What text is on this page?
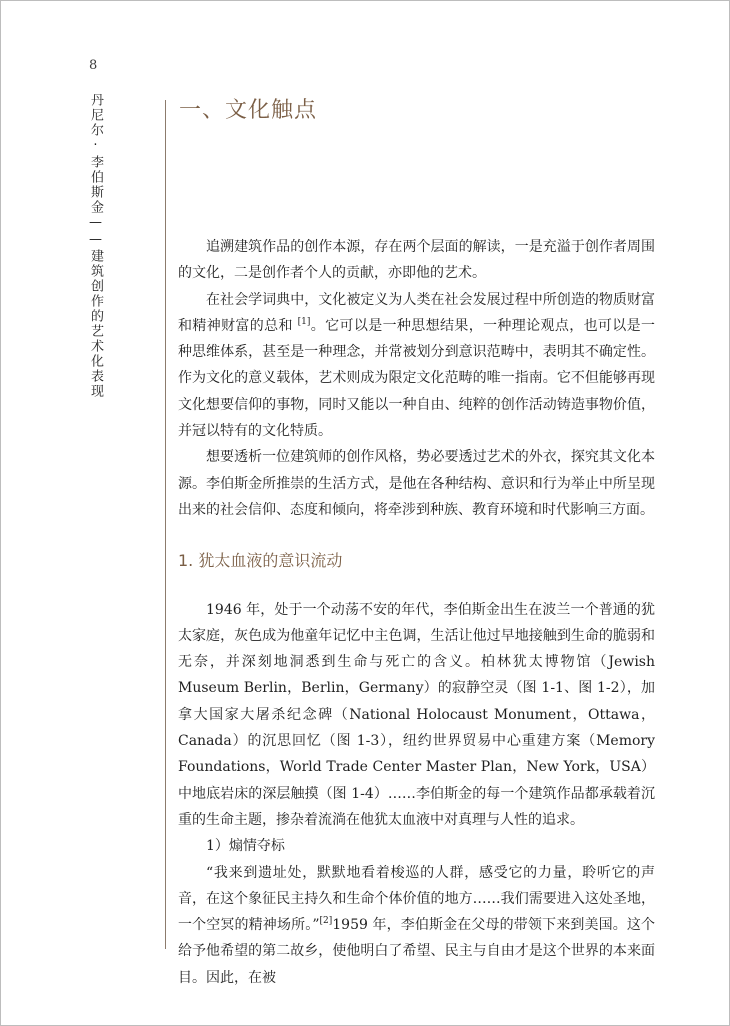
8
丹尼尔·李伯斯金——建筑创作的艺术化表现	一、文化触点

追溯建筑作品的创作本源，存在两个层面的解读，一是充溢于创作者周围的文化，二是创作者个人的贡献，亦即他的艺术。

在社会学词典中，文化被定义为人类在社会发展过程中所创造的物质财富和精神财富的总和 [1]。它可以是一种思想结果，一种理论观点，也可以是一种思维体系，甚至是一种理念，并常被划分到意识范畴中，表明其不确定性。作为文化的意义载体，艺术则成为限定文化范畴的唯一指南。它不但能够再现文化想要信仰的事物，同时又能以一种自由、纯粹的创作活动铸造事物价值，并冠以特有的文化特质。

想要透析一位建筑师的创作风格，势必要透过艺术的外衣，探究其文化本源。李伯斯金所推崇的生活方式，是他在各种结构、意识和行为举止中所呈现出来的社会信仰、态度和倾向，将牵涉到种族、教育环境和时代影响三方面。

1. 犹太血液的意识流动

1946 年，处于一个动荡不安的年代，李伯斯金出生在波兰一个普通的犹太家庭，灰色成为他童年记忆中主色调，生活让他过早地接触到生命的脆弱和无奈，并深刻地洞悉到生命与死亡的含义。柏林犹太博物馆（Jewish Museum Berlin，Berlin，Germany）的寂静空灵（图 1-1、图 1-2），加拿大国家大屠杀纪念碑（National Holocaust Monument，Ottawa，Canada）的沉思回忆（图 1-3），纽约世界贸易中心重建方案（Memory Foundations，World Trade Center Master Plan，New York，USA）中地底岩床的深层触摸（图 1-4）……李伯斯金的每一个建筑作品都承载着沉重的生命主题，掺杂着流淌在他犹太血液中对真理与人性的追求。

1）煽情夺标

“我来到遗址处，默默地看着梭巡的人群，感受它的力量，聆听它的声音，在这个象征民主持久和生命个体价值的地方……我们需要进入这处圣地，一个空冥的精神场所。”[2]1959 年，李伯斯金在父母的带领下来到美国。这个给予他希望的第二故乡，使他明白了希望、民主与自由才是这个世界的本来面目。因此，在被
